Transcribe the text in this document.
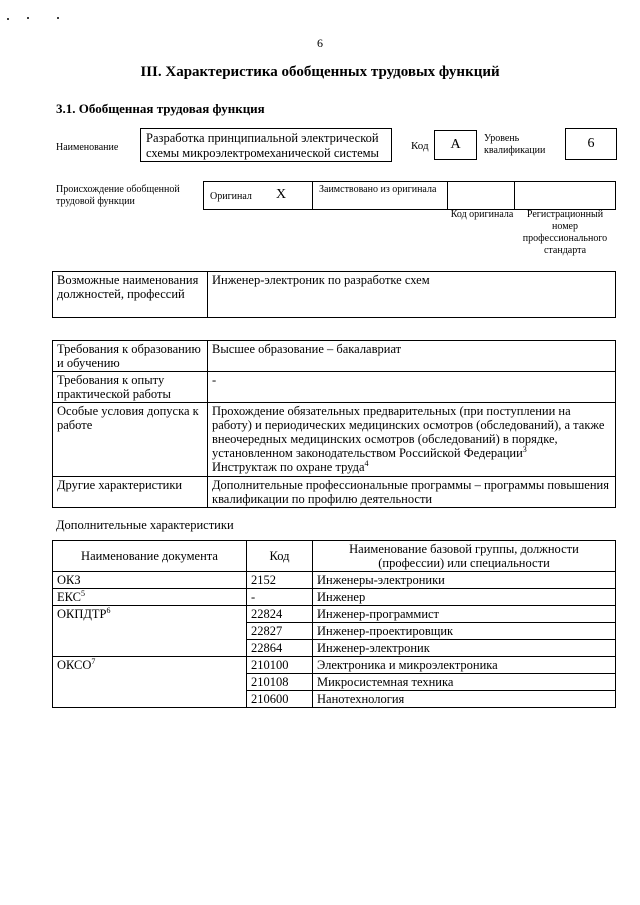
6
III. Характеристика обобщенных трудовых функций
3.1. Обобщенная трудовая функция
Наименование
Разработка принципиальной электрической схемы микроэлектромеханической системы	Код	А	Уровень квалификации	6
Происхождение обобщенной трудовой функции	Оригинал Х	Заимствовано из оригинала
Код оригинала	Регистрационный номер профессионального стандарта
Возможные наименования должностей, профессий	Инженер-электроник по разработке схем
Требования к образованию и обучению	Высшее образование – бакалавриат
Требования к опыту практической работы	-
Особые условия допуска к работе	Прохождение обязательных предварительных (при поступлении на работу) и периодических медицинских осмотров (обследований), а также внеочередных медицинских осмотров (обследований) в порядке, установленном законодательством Российской Федерации$^3$
Инструктаж по охране труда$^4$
Другие характеристики	Дополнительные профессиональные программы – программы повышения квалификации по профилю деятельности
Дополнительные характеристики
Наименование документа	Код	Наименование базовой группы, должности (профессии) или специальности
ОКЗ	2152	Инженеры-электроники
ЕКС$^5$	-	Инженер
ОКПДТР$^6$	22824	Инженер-программист
	22827	Инженер-проектировщик
	22864	Инженер-электроник
ОКСО$^7$	210100	Электроника и микроэлектроника
	210108	Микросистемная техника
	210600	Нанотехнология
